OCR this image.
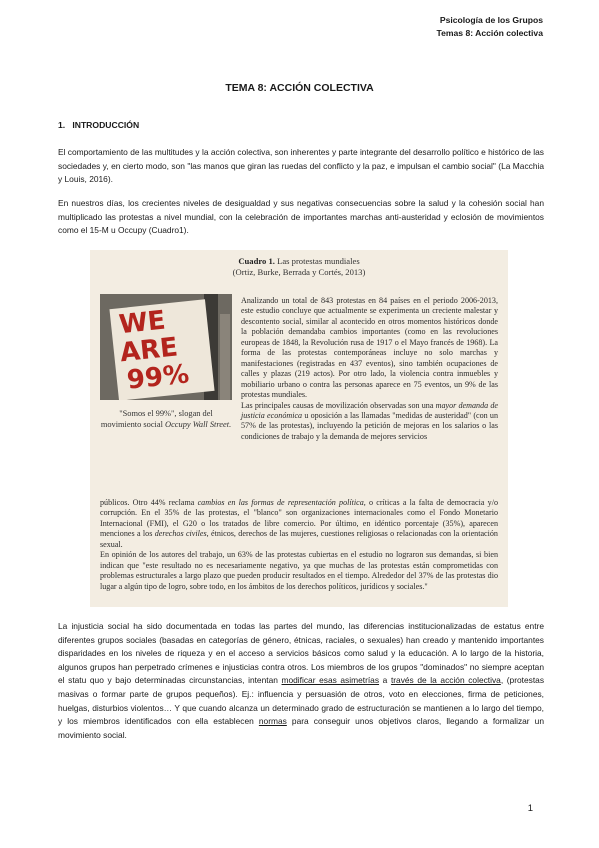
Psicología de los Grupos
Temas 8: Acción colectiva
TEMA 8: ACCIÓN COLECTIVA
1. INTRODUCCIÓN

El comportamiento de las multitudes y la acción colectiva, son inherentes y parte integrante del desarrollo político e histórico de las sociedades y, en cierto modo, son "las manos que giran las ruedas del conflicto y la paz, e impulsan el cambio social" (La Macchia y Louis, 2016).

En nuestros días, los crecientes niveles de desigualdad y sus negativas consecuencias sobre la salud y la cohesión social han multiplicado las protestas a nivel mundial, con la celebración de importantes marchas anti-austeridad y eclosión de movimientos como el 15-M u Occupy (Cuadro1).

Cuadro 1. Las protestas mundiales
(Ortiz, Burke, Berrada y Cortés, 2013)
WE
ARE
99%
"Somos el 99%", slogan del movimiento social Occupy Wall Street.

Analizando un total de 843 protestas en 84 países en el periodo 2006-2013, este estudio concluye que actualmente se experimenta un creciente malestar y descontento social, similar al acontecido en otros momentos históricos donde la población demandaba cambios importantes (como en las revoluciones europeas de 1848, la Revolución rusa de 1917 o el Mayo francés de 1968). La forma de las protestas contemporáneas incluye no solo marchas y manifestaciones (registradas en 437 eventos), sino también ocupaciones de calles y plazas (219 actos). Por otro lado, la violencia contra inmuebles y mobiliario urbano o contra las personas aparece en 75 eventos, un 9% de las protestas mundiales.

Las principales causas de movilización observadas son una mayor demanda de justicia económica u oposición a las llamadas "medidas de austeridad" (con un 57% de las protestas), incluyendo la petición de mejoras en los salarios o las condiciones de trabajo y la demanda de mejores servicios

públicos. Otro 44% reclama cambios en las formas de representación política, o críticas a la falta de democracia y/o corrupción. En el 35% de las protestas, el "blanco" son organizaciones internacionales como el Fondo Monetario Internacional (FMI), el G20 o los tratados de libre comercio. Por último, en idéntico porcentaje (35%), aparecen menciones a los derechos civiles, étnicos, derechos de las mujeres, cuestiones religiosas o relacionadas con la orientación sexual.

En opinión de los autores del trabajo, un 63% de las protestas cubiertas en el estudio no lograron sus demandas, si bien indican que "este resultado no es necesariamente negativo, ya que muchas de las protestas están comprometidas con problemas estructurales a largo plazo que pueden producir resultados en el tiempo. Alrededor del 37% de las protestas dio lugar a algún tipo de logro, sobre todo, en los ámbitos de los derechos políticos, jurídicos y sociales."

La injusticia social ha sido documentada en todas las partes del mundo, las diferencias institucionalizadas de estatus entre diferentes grupos sociales (basadas en categorías de género, étnicas, raciales, o sexuales) han creado y mantenido importantes disparidades en los niveles de riqueza y en el acceso a servicios básicos como salud y la educación. A lo largo de la historia, algunos grupos han perpetrado crímenes e injusticias contra otros. Los miembros de los grupos "dominados" no siempre aceptan el statu quo y bajo determinadas circunstancias, intentan modificar esas asimetrías a través de la acción colectiva, (protestas masivas o formar parte de grupos pequeños). Ej.: influencia y persuasión de otros, voto en elecciones, firma de peticiones, huelgas, disturbios violentos… Y que cuando alcanza un determinado grado de estructuración se mantienen a lo largo del tiempo, y los miembros identificados con ella establecen normas para conseguir unos objetivos claros, llegando a formalizar un movimiento social.

1
